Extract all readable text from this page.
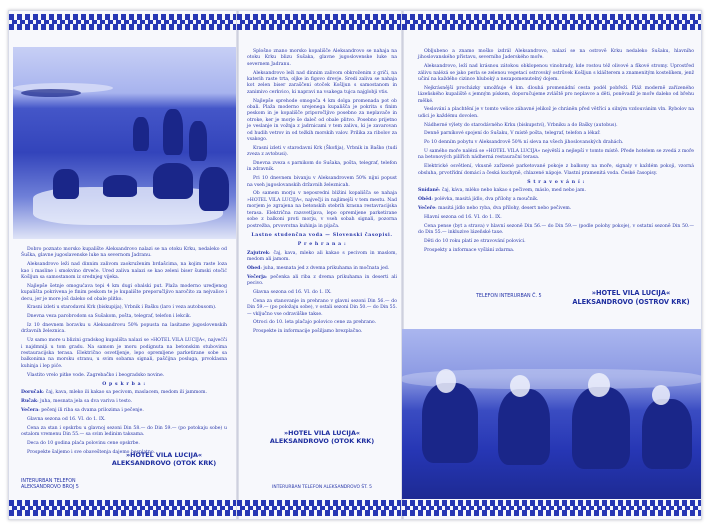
Dobro poznato morsko kupalište Aleksandrovo nalazi se na otoku Krku, nedaleko od Šuška, glavne jugoslavenske luke na severnom Jadranu.

Aleksandrovo leži nad dinnim zalivom zaokruženim brdašcima, na kojim raste loza kao i masline i smokvino drveće. Ured zaliva nalazi se kao zeleni biser šumski otočić Košljun sa samostanom iz srednjeg vijeka.

Najlepše šetnje omogućava tepi 4 km dugi obalski put. Plaža moderno uredjenog kupališta pokrivena je finim peskom te je kupalište preporučljivo naročito za nejvalice i decu, jer je more još daleko od obale plitko.

Krasni izleti u starodavni Krk (biskupija), Vrbnik i Bašku (laro i veza autobusom).

Dnevna veza parobrodom sa Sušakom, pošta, telegraf, telefon i lekcik.

Iz 10 dnevnem boravku u Aleksandrovu 50% popusta na lasitame jugoslovenskih državnih železnica.

Uz samo more u blizini gradskog kupališta nalazi se »HOTEL VILA LUCIJA«, najvećči i najdmniji u tom gradu. Na samom je moru podignuta na betonskim stubovima restauracijska terasa. Električno osvetljenje, lepo opremljene parketirane sobe sa balkonima na morsku stranu, u svim sobama signali, pašćijna posluga, prvoklasna kuhinja i lep piće.

Vlastito vrelo pitke vode. Zagrebačko i beogradsko novine.

O p s k r b a :

Doručak: čaj, kava, mleko ili kakao sa pecivom, maslacem, medom ili jammom.

Ručak: juha, mesnata jela sa dva variva i testo.

Večera: pečenj ili riba sa dvama prilozima i pečenje.

Glavna sezona od 16. VI. do 1. IX.

Cena za stan i opskrbu u glavnoj sezoni Din 58.— do Din 59.— (po potokaju sobe) u ostalom vremenu Din 55.— sa svim ledinim taksama.

Deca do 10 godina plaća polovinu cene opskrbe.

Prospekte šaljemo i sve obaveštenja dajemo besplatno.

»HOTEL VILA LUCIJA«
ALEKSANDROVO (OTOK KRK)
INTERURBAN TELEFON
ALEKSANDROVO BROJ 5

Splošno znano morsko kopališče Aleksandrovo se nahaja na otoku Krku blizu Sušaka, glavne jugoslovenske luke na severnem Jadranu.

Aleksandrovo leži nad dinnim zalivom obkroženim z griči, na katerih raste trta, oljke in figovo drevje. Sredi zaliva se nahaja kot zelen biser zaraščeni otoček Košljun s samostanom in zanimivo cerkvico, ki napravi na vsakega tujca najglobji vtis.

Najlepše sprehode omogoča 4 km dolga promenada pot ob obali. Plaža moderno urejenega kupališča je pokrita s finim peskom in je kopališče priporočljivo posebno za neplavače in otroke, ker je morje še daleč od obale plitvo. Posebno prijetno je veslanje in vožnja z jadrnicami v tem zalivu, ki je zavarovan od hudih vetrov in od težkih morskih valov. Prilika za ribolov za vsakogo.

Krasni izleti v starodavni Krk (Škofija), Vrbnik in Baško (tudi zveza z avtobusi).

Dnevna zveza s parnikom do Sušaka, pošta, telegraf, telefon in zdravnik.

Pri 10 dnevnem bivanju v Aleksandrovem 50% nijni popust na vseh jugoslovanskih državnih železnicah.

Ob samem morju v neposredni bližini kopališča se nahaja »HOTEL VILA LUCIJA«, največji in najlimejši v tem mestu. Nad morjem je zgrajena na betonskih stebrih krasna restavracijska terasa. Električna razsvetljava, lepo opremljene parketirane sobe z balkoni proti morju, v vseh sobah signali, pozorna postrežba, prvovrstna kuhinja in pijača.

Lastno studenčna voda — Slovenski časopisi.

P r e h r a n a :

Zajutrek: čaj, kava, mleko ali kakao s pecivom in maslom, medom ali jamom.

Obed: juha, mesnata jed z dvema prikuhama in močnata jed.

Večerja: pečenka ali riba z dvema prikuhama in deserti ali pecivo.

Glavna sezona od 16. VI. do 1. IX.

Cena za stanovanje in prehrano v glavni sezoni Din 56.— do Din 59.— (po položaju sobe), v ostali sezoni Din 50.— do Din 55.— vključno vse odravilške takse.

Otroci do 10. leta plačajo polovico cene za prehrano.

Prospekte in informacije pošiljamo brezplačno.

»HOTEL VILA LUCIJA«
ALEKSANDROVO (OTOK KRK)
INTERURBAN TELEFON ALEKSANDROVO ŠT. 5

Obljubeno a znamo moško izdrál Aleksandrovo, nalazí se na ostrově Krku nedaleko Sušaku, hlavního jihoslovanského přístavu, severního Jaderského moře.

Aleksandrovo, leží nad krásnou zátokou obklopenou vinohrady, kde rostou též olivové a fíkové stromy. Uprostřed zálivu nalézá se jako perla se zelenou vegetací ostrovský ostrůvek Košljun s klášterem a znamenitým kostelíkem, jenž učiní na každého cizince hluboký a nezapomenutelný dojem.

Nejkrásnější procházky umožňuje 4 km. dlouhá promenádní cesta podél pobřeží. Pláž moderně zařízeného lázeňského kupaliště s jemným pískem, doporučujeme zvláště pro neplavce a děti, poněvadž je moře daleko od břehu mělké.

Veslování a plachtění je v tomto velice zábavné jelikož je chráněn před větřící a silným vzdouváním vln. Rybolov na udici je každému dovolen.

Nádherné výlety do starodávného Krku (biskupství), Vrbniku a do Bašky (autobus).

Denně parníkové spojení do Sušaku, V místě pošta, telegraf, telefon a lékař.

Po 10 denním pobytu v Aleksandrově 50% ní sleva na všech jihoslovanských drahách.

U samého moře nalézá se »HOTEL VILA LUCIJA« největší a nejlepší v tomto místě. Přede hotelem se zvedá z moře na betonových pilířích nádherná restaurační terasa.

Elektrické osvětlení, vkusně zařízené parketované pokoje z balkony na moře, signaly v každém pokoji, vzorná obsluha, prvotřídní domácí a česká kuchyně, chlazené nápoje. Vlastní pramenitá voda. České časopisy.

S t r a v o v á n í :

Snídaně: čaj, káva, mléko nebo kakao s pečivem, máslo, med nebo jam.

Oběd: polévka, masitá jídlo, dva přílohy a moučník.

Večeře: masitá jídlo nebo ryba, dva přílohy, desert nebo pečivem.

Hlavní sezona od 16. VI. do 1. IX.

Cena pense (byt a strava) v hlavní sezoně Din 56.— do Din 59.— (podle polohy pokoje), v ostatní sezoně Din 50.— do Din 55.— inkluzive lázeňské taxe.

Děti do 10 roku platí ze stravování polovici.

Prospekty a informace vyšlání zdarma.

TELEFON INTERURBAN Č. 5	»HOTEL VILA LUCIJA«
ALEKSANDROVO (OSTROV KRK)
